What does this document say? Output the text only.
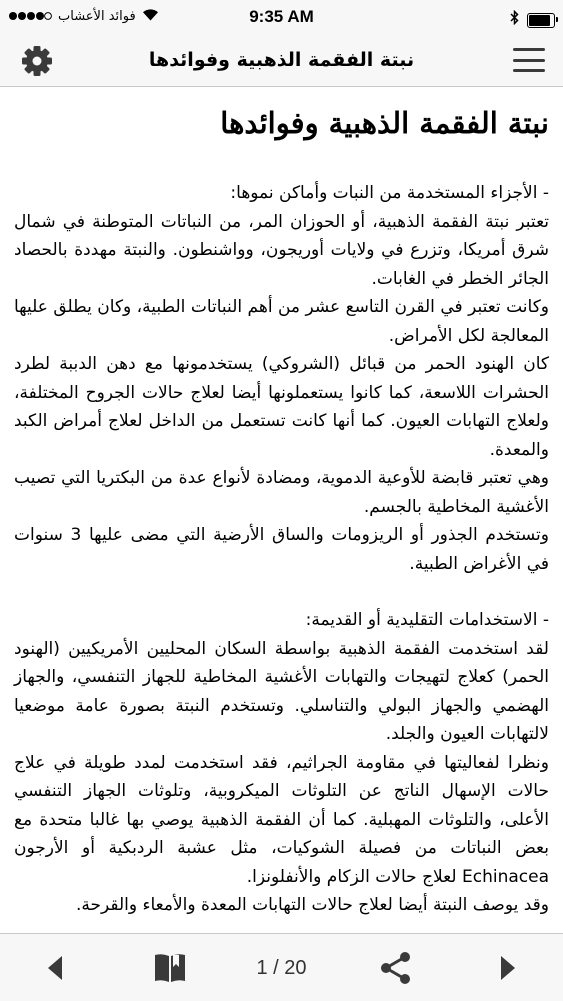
فوائد الأعشاب	9:35 AM
نبتة الفقمة الذهبية وفوائدها
نبتة الفقمة الذهبية وفوائدها

- الأجزاء المستخدمة من النبات وأماكن نموها:

تعتبر نبتة الفقمة الذهبية، أو الحوزان المر، من النباتات المتوطنة في شمال شرق أمريكا، وتزرع في ولايات أوريجون، وواشنطون. والنبتة مهددة بالحصاد الجائر الخطر في الغابات.

وكانت تعتبر في القرن التاسع عشر من أهم النباتات الطبية، وكان يطلق عليها المعالجة لكل الأمراض.

كان الهنود الحمر من قبائل (الشروكي) يستخدمونها مع دهن الدببة لطرد الحشرات اللاسعة، كما كانوا يستعملونها أيضا لعلاج حالات الجروح المختلفة، ولعلاج التهابات العيون. كما أنها كانت تستعمل من الداخل لعلاج أمراض الكبد والمعدة.

وهي تعتبر قابضة للأوعية الدموية، ومضادة لأنواع عدة من البكتريا التي تصيب الأغشية المخاطية بالجسم.

وتستخدم الجذور أو الريزومات والساق الأرضية التي مضى عليها 3 سنوات في الأغراض الطبية.

- الاستخدامات التقليدية أو القديمة:

لقد استخدمت الفقمة الذهبية بواسطة السكان المحليين الأمريكيين (الهنود الحمر) كعلاج لتهيجات والتهابات الأغشية المخاطية للجهاز التنفسي، والجهاز الهضمي والجهاز البولي والتناسلي. وتستخدم النبتة بصورة عامة موضعيا لالتهابات العيون والجلد.

ونظرا لفعاليتها في مقاومة الجراثيم، فقد استخدمت لمدد طويلة في علاج حالات الإسهال الناتج عن التلوثات الميكروبية، وتلوثات الجهاز التنفسي الأعلى، والتلوثات المهبلية. كما أن الفقمة الذهبية يوصي بها غالبا متحدة مع بعض النباتات من فصيلة الشوكيات، مثل عشبة الردبكية أو الأرجون Echinacea لعلاج حالات الزكام والأنفلونزا.

وقد يوصف النبتة أيضا لعلاج حالات التهابات المعدة والأمعاء والقرحة.

1 / 20
